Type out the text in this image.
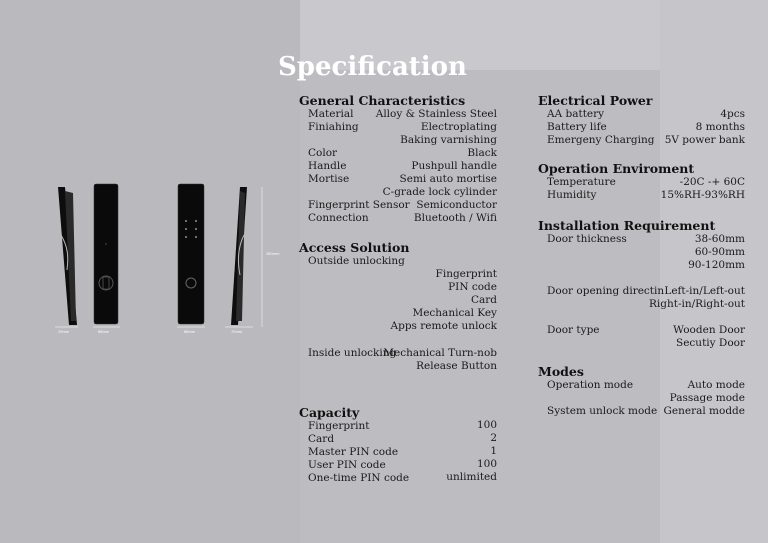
29mm	68mm	68mm	70mm
380mm
Specification
General Characteristics
Material Alloy & Stainless Steel
Finiahing	Electroplating
Baking varnishing
Color	Black
Handle	Pushpull handle
Mortise	Semi auto mortise
C-grade lock cylinder
Fingerprint Sensor Semiconductor
Connection	Bluetooth / Wifi
Access Solution
Outside unlocking
Fingerprint
PIN code
Card
Mechanical Key
Apps remote unlock
Inside unlocking
Mechanical Turn-nob
Release Button
Capacity
Fingerprint	100
Card	2
Master PIN code	1
User PIN code	100
One-time PIN code	unlimited
Electrical Power
AA battery	4pcs
Battery life	8 months
Emergeny Charging 5V power bank
Operation Enviroment
Temperature	-20C -+ 60C
Humidity	15%RH-93%RH
Installation Requirement
Door thickness	38-60mm
60-90mm
90-120mm
Door opening directin Left-in/Left-out
Right-in/Right-out
Door type	Wooden Door
Secutiy Door
Modes
Operation mode	Auto mode
Passage mode
System unlock mode General modde
